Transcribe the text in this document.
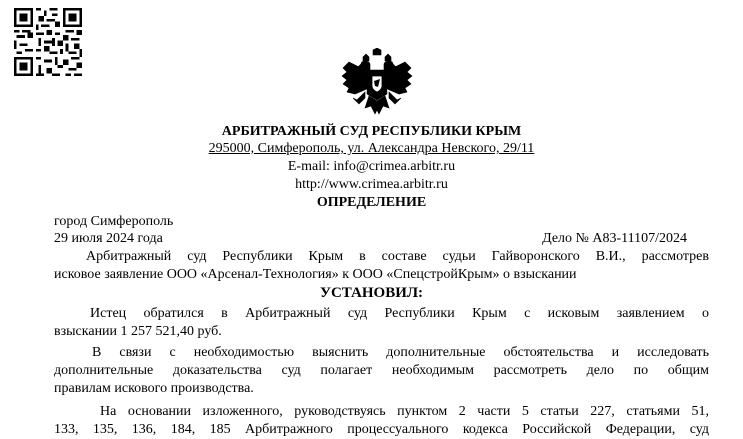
АРБИТРАЖНЫЙ СУД РЕСПУБЛИКИ КРЫМ
295000, Симферополь, ул. Александра Невского, 29/11
E-mail: info@crimea.arbitr.ru
http://www.crimea.arbitr.ru
ОПРЕДЕЛЕНИЕ
город Симферополь
29 июля 2024 года	Дело № А83-11107/2024
Арбитражный суд Республики Крым в составе судьи Гайворонского В.И., рассмотрев
исковое заявление ООО «Арсенал-Технология» к ООО «СпецстройКрым» о взыскании
УСТАНОВИЛ:
Истец обратился в Арбитражный суд Республики Крым с исковым заявлением о
взыскании 1 257 521,40 руб.
В связи с необходимостью выяснить дополнительные обстоятельства и исследовать
дополнительные доказательства суд полагает необходимым рассмотреть дело по общим
правилам искового производства.
На основании изложенного, руководствуясь пунктом 2 части 5 статьи 227, статьями 51,
133, 135, 136, 184, 185 Арбитражного процессуального кодекса Российской Федерации, суд
